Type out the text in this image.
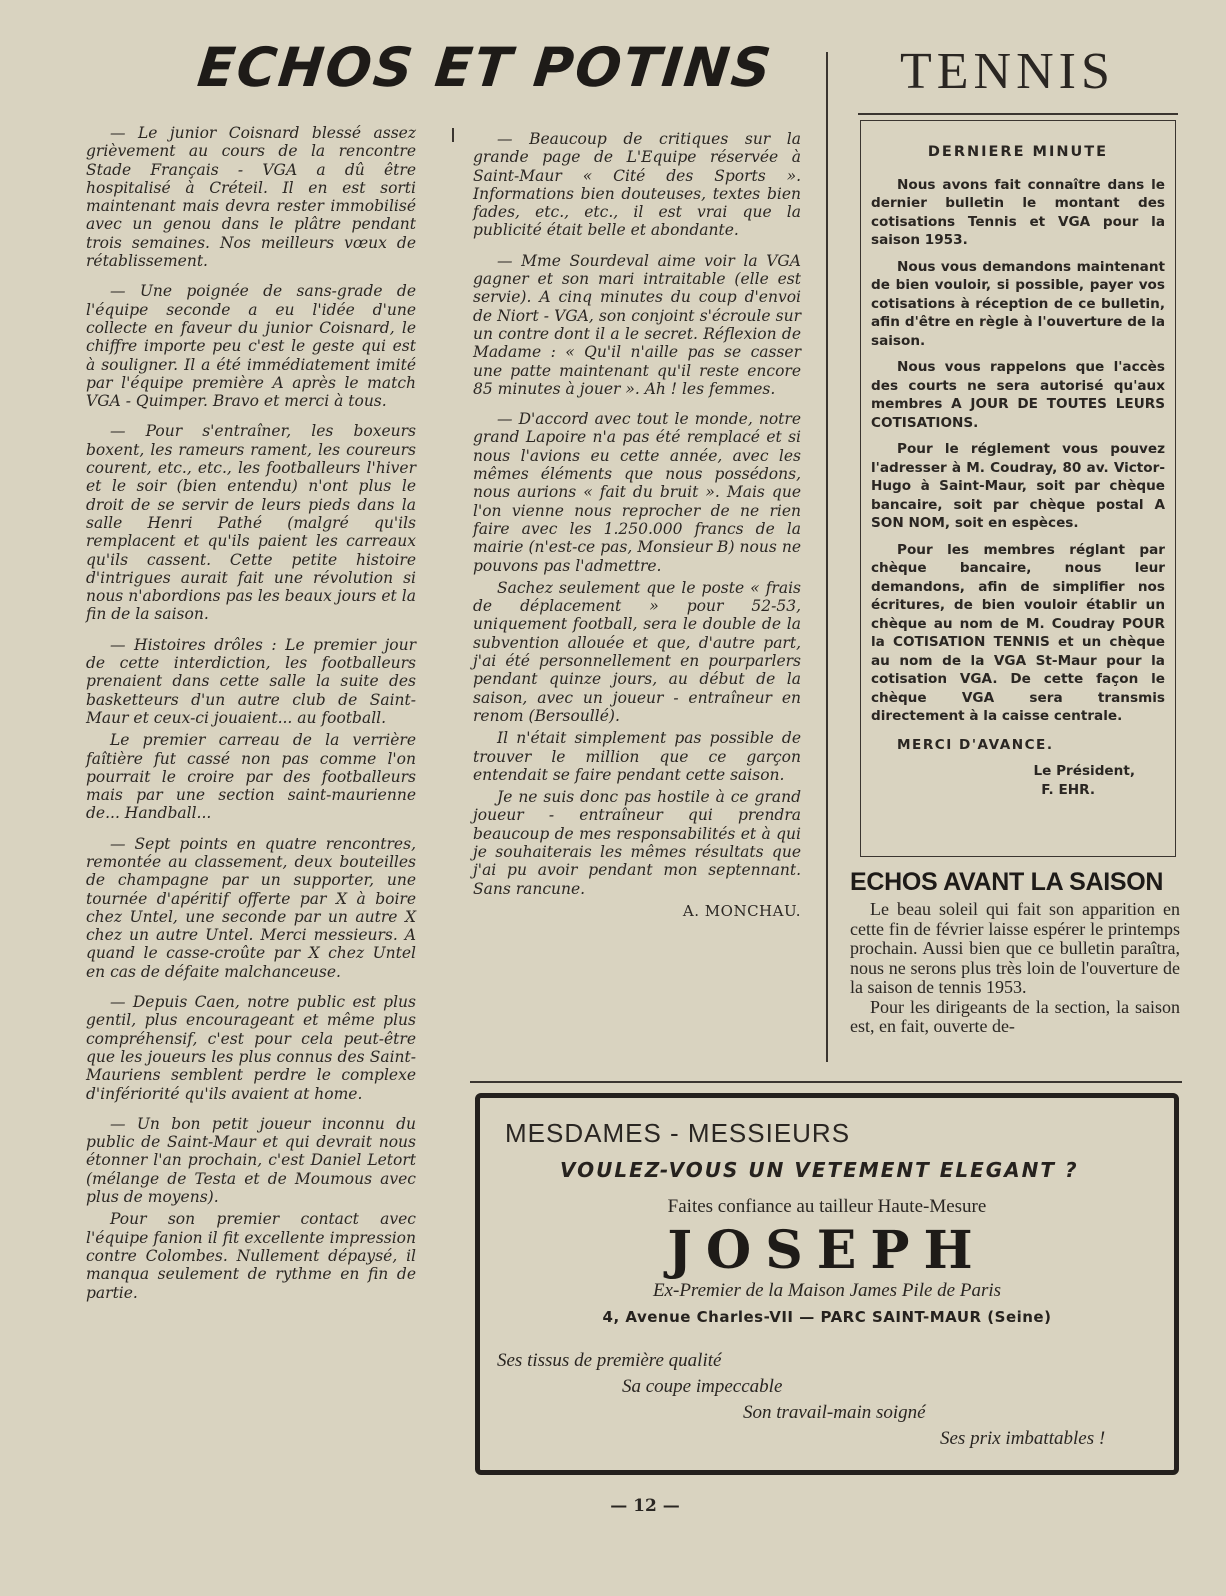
ECHOS ET POTINS TENNIS

— Le junior Coisnard blessé assez grièvement au cours de la rencontre Stade Français - VGA a dû être hospitalisé à Créteil. Il en est sorti maintenant mais devra rester immobilisé avec un genou dans le plâtre pendant trois semaines. Nos meilleurs vœux de rétablissement.

— Une poignée de sans-grade de l'équipe seconde a eu l'idée d'une collecte en faveur du junior Coisnard, le chiffre importe peu c'est le geste qui est à souligner. Il a été immédiatement imité par l'équipe première A après le match VGA - Quimper. Bravo et merci à tous.

— Pour s'entraîner, les boxeurs boxent, les rameurs rament, les coureurs courent, etc., etc., les footballeurs l'hiver et le soir (bien entendu) n'ont plus le droit de se servir de leurs pieds dans la salle Henri Pathé (malgré qu'ils remplacent et qu'ils paient les carreaux qu'ils cassent. Cette petite histoire d'intrigues aurait fait une révolution si nous n'abordions pas les beaux jours et la fin de la saison.

— Histoires drôles : Le premier jour de cette interdiction, les footballeurs prenaient dans cette salle la suite des basketteurs d'un autre club de Saint-Maur et ceux-ci jouaient... au football.

Le premier carreau de la verrière faîtière fut cassé non pas comme l'on pourrait le croire par des footballeurs mais par une section saint-maurienne de... Handball...

— Sept points en quatre rencontres, remontée au classement, deux bouteilles de champagne par un supporter, une tournée d'apéritif offerte par X à boire chez Untel, une seconde par un autre X chez un autre Untel. Merci messieurs. A quand le casse-croûte par X chez Untel en cas de défaite malchanceuse.

— Depuis Caen, notre public est plus gentil, plus encourageant et même plus compréhensif, c'est pour cela peut-être que les joueurs les plus connus des Saint-Mauriens semblent perdre le complexe d'infériorité qu'ils avaient at home.

— Un bon petit joueur inconnu du public de Saint-Maur et qui devrait nous étonner l'an prochain, c'est Daniel Letort (mélange de Testa et de Moumous avec plus de moyens).

Pour son premier contact avec l'équipe fanion il fit excellente impression contre Colombes. Nullement dépaysé, il manqua seulement de rythme en fin de partie.

— Beaucoup de critiques sur la grande page de L'Equipe réservée à Saint-Maur « Cité des Sports ». Informations bien douteuses, textes bien fades, etc., etc., il est vrai que la publicité était belle et abondante.

— Mme Sourdeval aime voir la VGA gagner et son mari intraitable (elle est servie). A cinq minutes du coup d'envoi de Niort - VGA, son conjoint s'écroule sur un contre dont il a le secret. Réflexion de Madame : « Qu'il n'aille pas se casser une patte maintenant qu'il reste encore 85 minutes à jouer ». Ah ! les femmes.

— D'accord avec tout le monde, notre grand Lapoire n'a pas été remplacé et si nous l'avions eu cette année, avec les mêmes éléments que nous possédons, nous aurions « fait du bruit ». Mais que l'on vienne nous reprocher de ne rien faire avec les 1.250.000 francs de la mairie (n'est-ce pas, Monsieur B) nous ne pouvons pas l'admettre.

Sachez seulement que le poste « frais de déplacement » pour 52-53, uniquement football, sera le double de la subvention allouée et que, d'autre part, j'ai été personnellement en pourparlers pendant quinze jours, au début de la saison, avec un joueur - entraîneur en renom (Bersoullé).

Il n'était simplement pas possible de trouver le million que ce garçon entendait se faire pendant cette saison.

Je ne suis donc pas hostile à ce grand joueur - entraîneur qui prendra beaucoup de mes responsabilités et à qui je souhaiterais les mêmes résultats que j'ai pu avoir pendant mon septennant. Sans rancune.

A. MONCHAU.
DERNIERE MINUTE

Nous avons fait connaître dans le dernier bulletin le montant des cotisations Tennis et VGA pour la saison 1953.

Nous vous demandons maintenant de bien vouloir, si possible, payer vos cotisations à réception de ce bulletin, afin d'être en règle à l'ouverture de la saison.

Nous vous rappelons que l'accès des courts ne sera autorisé qu'aux membres A JOUR DE TOUTES LEURS COTISATIONS.

Pour le réglement vous pouvez l'adresser à M. Coudray, 80 av. Victor-Hugo à Saint-Maur, soit par chèque bancaire, soit par chèque postal A SON NOM, soit en espèces.

Pour les membres réglant par chèque bancaire, nous leur demandons, afin de simplifier nos écritures, de bien vouloir établir un chèque au nom de M. Coudray POUR la COTISATION TENNIS et un chèque au nom de la VGA St-Maur pour la cotisation VGA. De cette façon le chèque VGA sera transmis directement à la caisse centrale.

MERCI D'AVANCE.

Le Président,

F. EHR.

ECHOS AVANT LA SAISON

Le beau soleil qui fait son apparition en cette fin de février laisse espérer le printemps prochain. Aussi bien que ce bulletin paraîtra, nous ne serons plus très loin de l'ouverture de la saison de tennis 1953.

Pour les dirigeants de la section, la saison est, en fait, ouverte de-

MESDAMES - MESSIEURS
VOULEZ-VOUS UN VETEMENT ELEGANT ?
Faites confiance au tailleur Haute-Mesure
JOSEPH
Ex-Premier de la Maison James Pile de Paris
4, Avenue Charles-VII — PARC SAINT-MAUR (Seine)
Ses tissus de première qualité
Sa coupe impeccable
Son travail-main soigné
Ses prix imbattables !
— 12 —
